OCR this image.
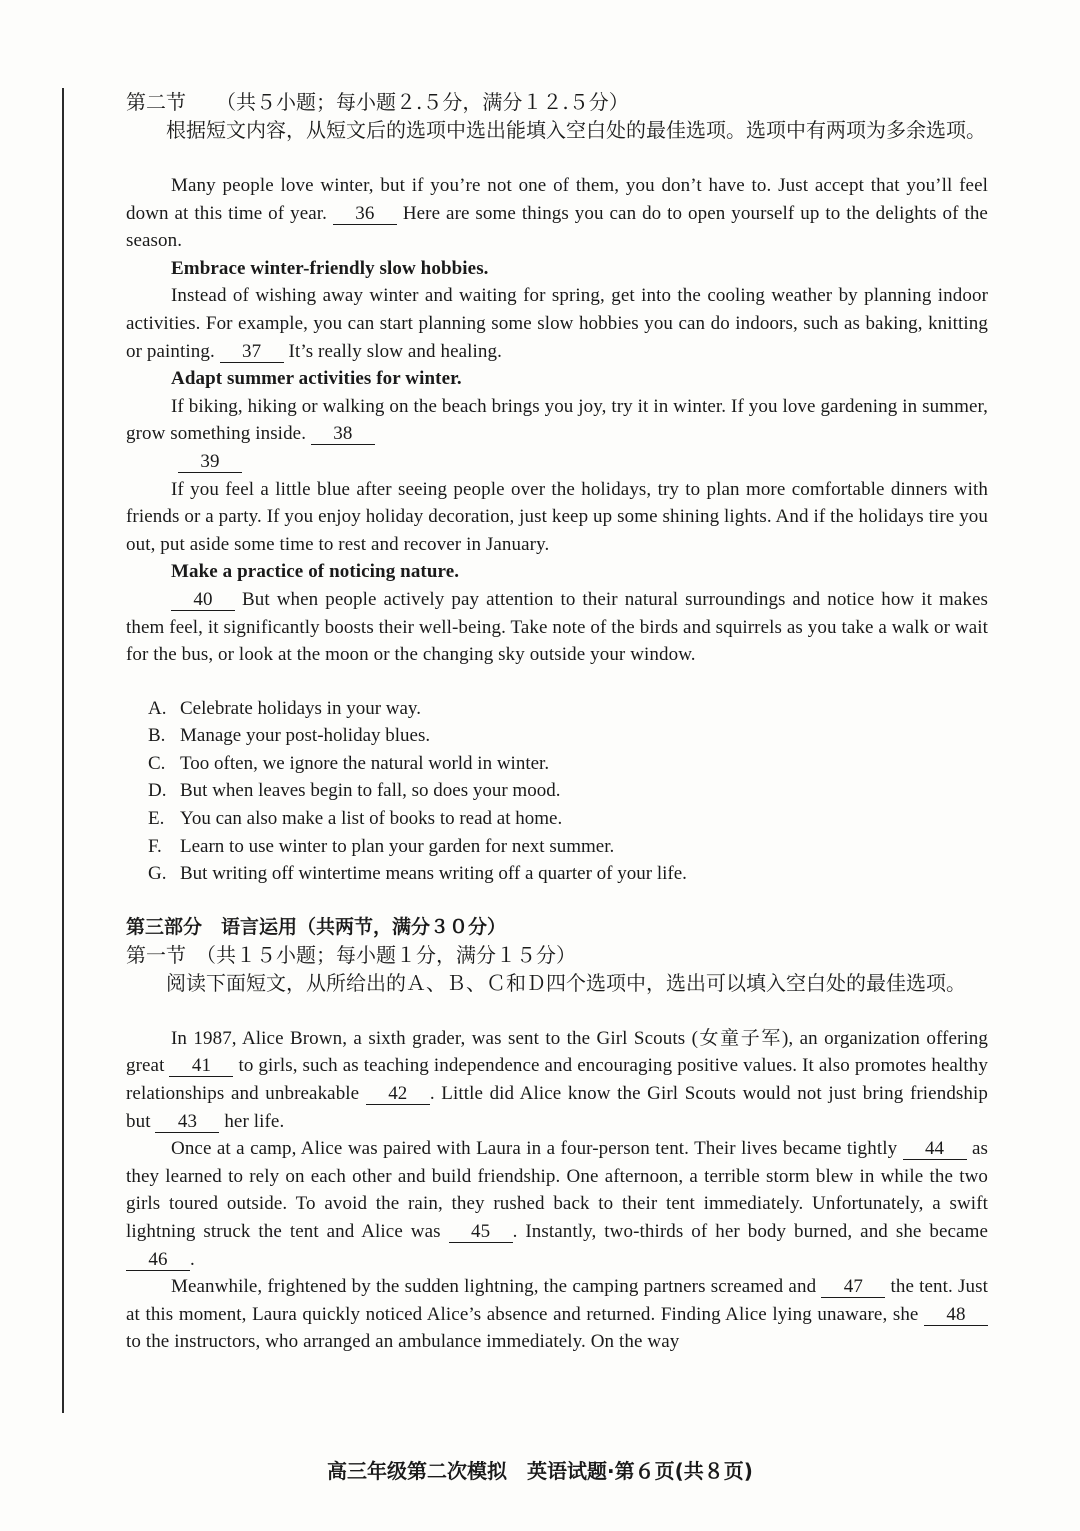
第二节　　（共５小题；每小题２.５分，满分１２.５分）
根据短文内容，从短文后的选项中选出能填入空白处的最佳选项。选项中有两项为多余选项。

Many people love winter, but if you’re not one of them, you don’t have to. Just accept that you’ll feel down at this time of year. 36 Here are some things you can do to open yourself up to the delights of the season.

Embrace winter-friendly slow hobbies.

Instead of wishing away winter and waiting for spring, get into the cooling weather by planning indoor activities. For example, you can start planning some slow hobbies you can do indoors, such as baking, knitting or painting. 37 It’s really slow and healing.

Adapt summer activities for winter.

If biking, hiking or walking on the beach brings you joy, try it in winter. If you love gardening in summer, grow something inside. 38

39

If you feel a little blue after seeing people over the holidays, try to plan more comfortable dinners with friends or a party. If you enjoy holiday decoration, just keep up some shining lights. And if the holidays tire you out, put aside some time to rest and recover in January.

Make a practice of noticing nature.

40 But when people actively pay attention to their natural surroundings and notice how it makes them feel, it significantly boosts their well-being. Take note of the birds and squirrels as you take a walk or wait for the bus, or look at the moon or the changing sky outside your window.

A. Celebrate holidays in your way.

B. Manage your post-holiday blues.

C. Too often, we ignore the natural world in winter.

D. But when leaves begin to fall, so does your mood.

E. You can also make a list of books to read at home.

F. Learn to use winter to plan your garden for next summer.

G. But writing off wintertime means writing off a quarter of your life.

第三部分　语言运用（共两节，满分３０分）
第一节　（共１５小题；每小题１分，满分１５分）
阅读下面短文，从所给出的Ａ、Ｂ、Ｃ和Ｄ四个选项中，选出可以填入空白处的最佳选项。

In 1987, Alice Brown, a sixth grader, was sent to the Girl Scouts (女童子军), an organization offering great 41 to girls, such as teaching independence and encouraging positive values. It also promotes healthy relationships and unbreakable 42 . Little did Alice know the Girl Scouts would not just bring friendship but 43 her life.

Once at a camp, Alice was paired with Laura in a four-person tent. Their lives became tightly 44 as they learned to rely on each other and build friendship. One afternoon, a terrible storm blew in while the two girls toured outside. To avoid the rain, they rushed back to their tent immediately. Unfortunately, a swift lightning struck the tent and Alice was 45 . Instantly, two-thirds of her body burned, and she became 46 .

Meanwhile, frightened by the sudden lightning, the camping partners screamed and 47 the tent. Just at this moment, Laura quickly noticed Alice’s absence and returned. Finding Alice lying unaware, she 48 to the instructors, who arranged an ambulance immediately. On the way

高三年级第二次模拟　英语试题·第６页(共８页)
